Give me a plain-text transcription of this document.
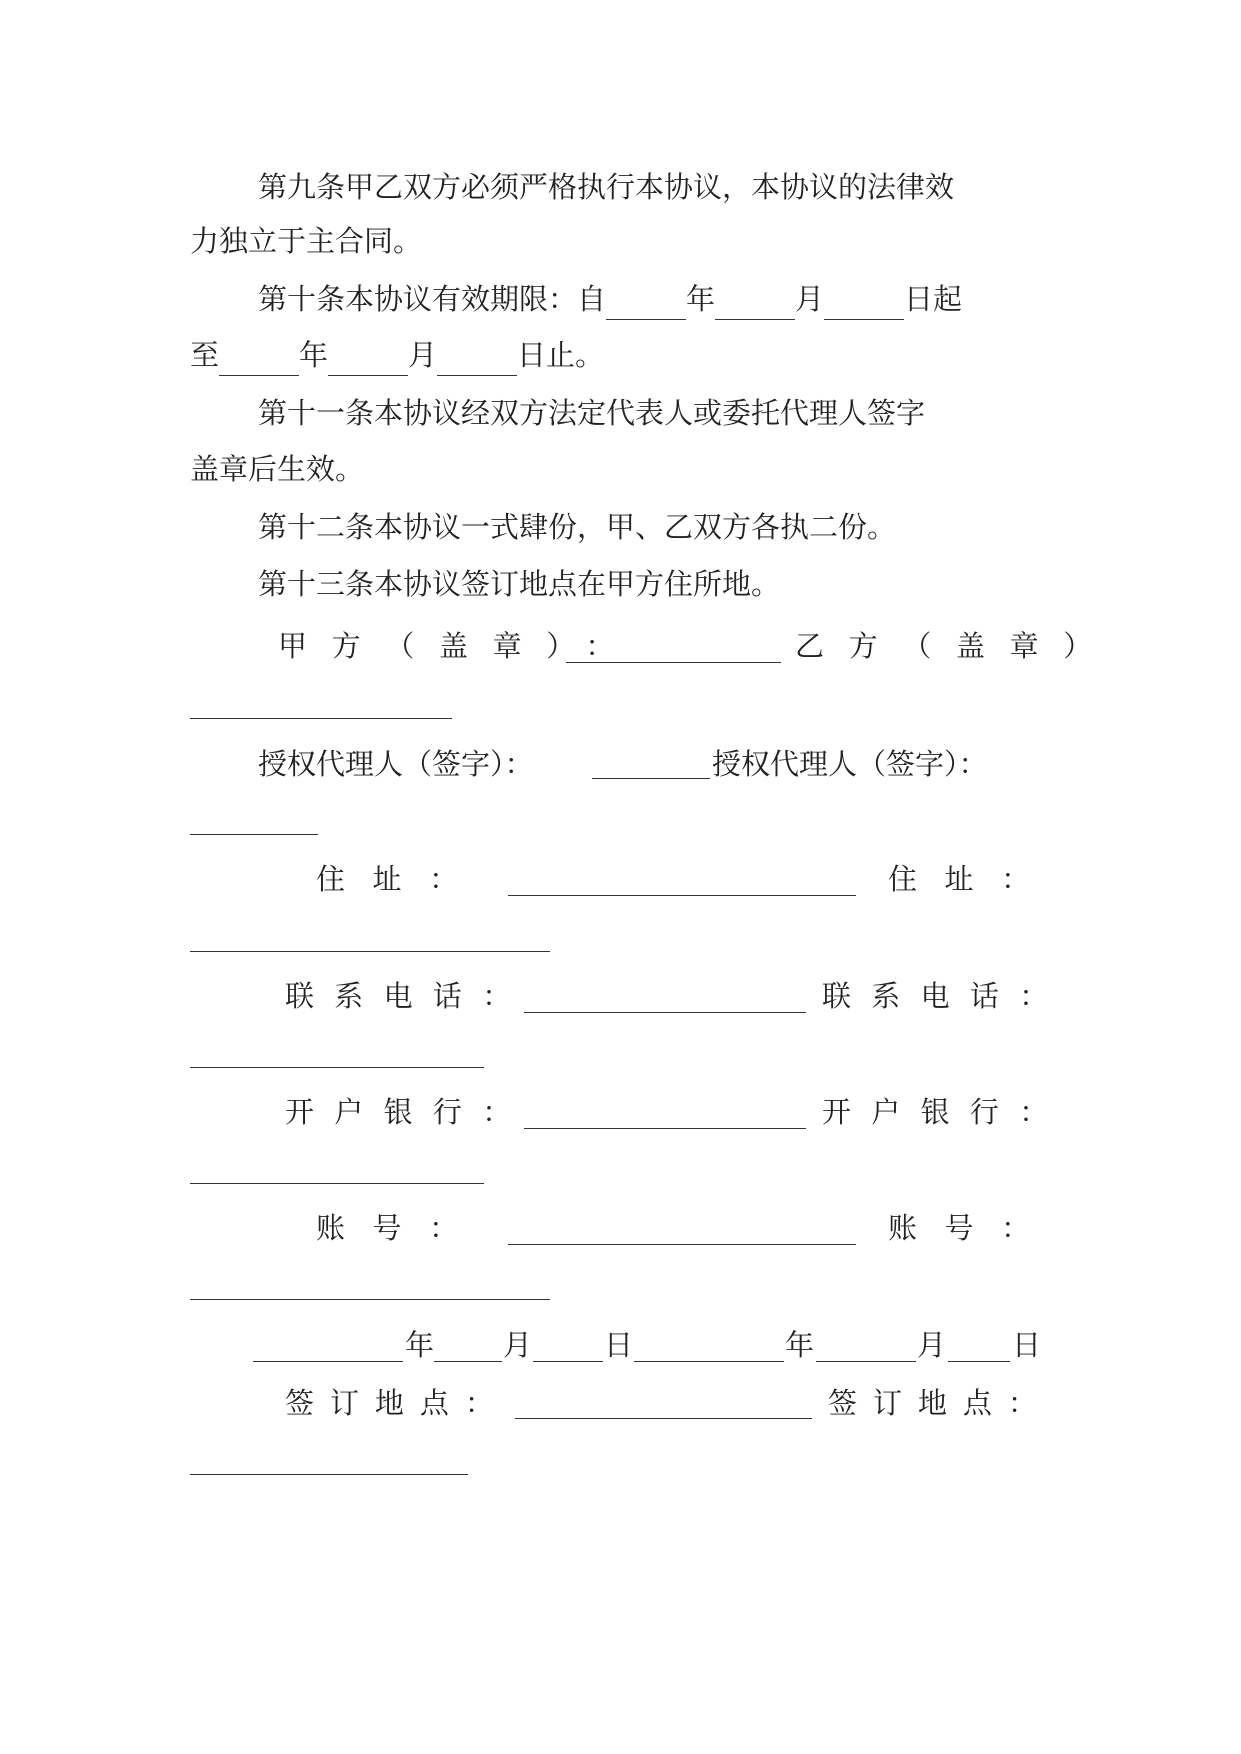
第九条甲乙双方必须严格执行本协议，本协议的法律效
力独立于主合同。
第十条本协议有效期限：自	年	月	日起
至	年	月	日止。
第十一条本协议经双方法定代表人或委托代理人签字
盖章后生效。
第十二条本协议一式肆份，甲、乙双方各执二份。
第十三条本协议签订地点在甲方住所地。
甲方（盖章）：	乙方（盖章）
授权代理人（签字）：	授权代理人（签字）：
住址：	住址：
联系电话：	联系电话：
开户银行：	开户银行：
账号：	账号：
年 月 日	年	月 日
签订地点：	签订地点：
